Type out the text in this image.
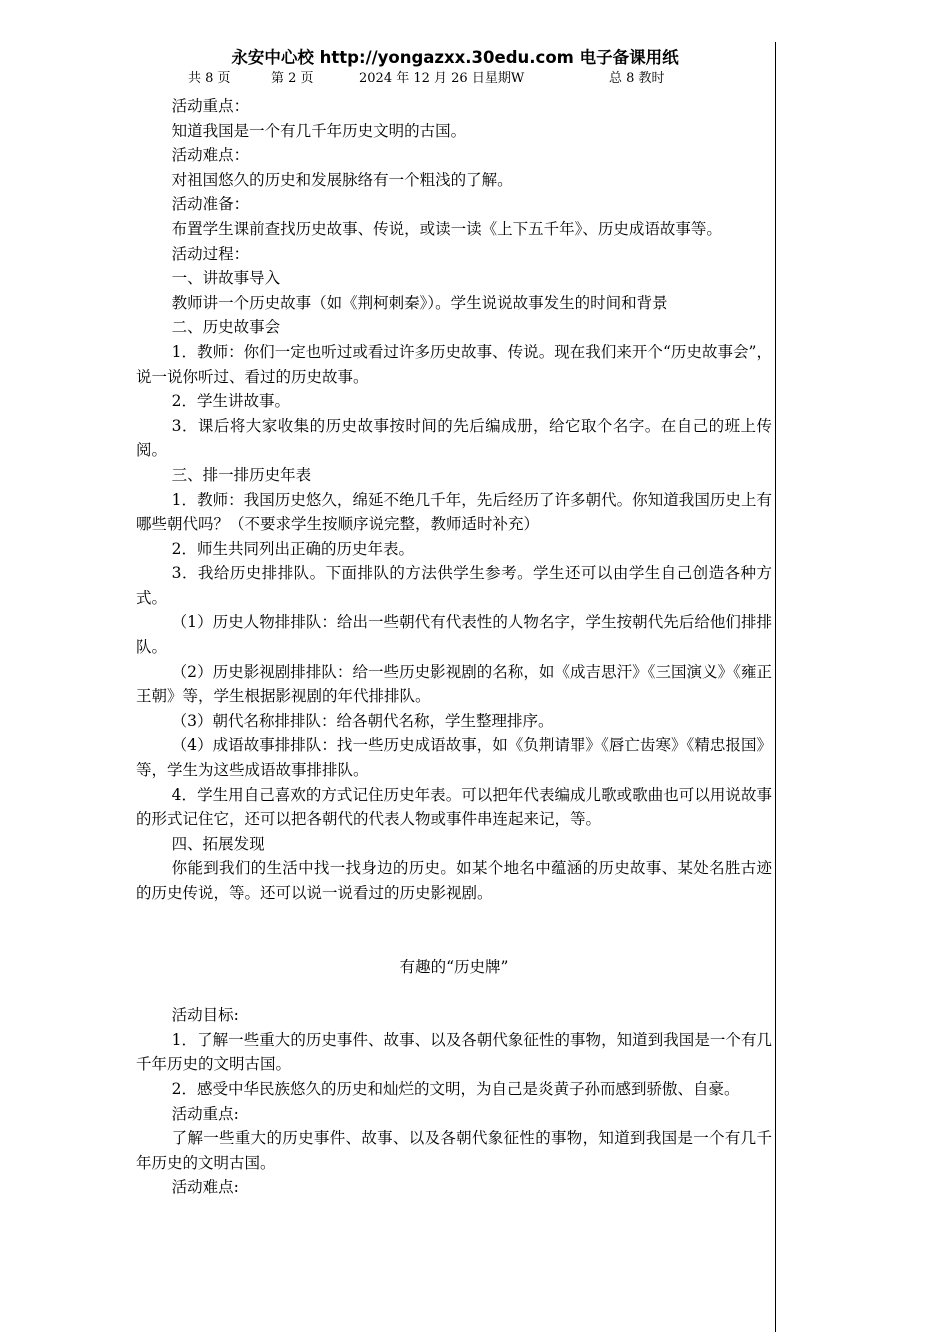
永安中心校 http://yongazxx.30edu.com 电子备课用纸
共 8 页	第 2 页	2024 年 12 月 26 日星期W	总 8 教时

活动重点：

知道我国是一个有几千年历史文明的古国。

活动难点：

对祖国悠久的历史和发展脉络有一个粗浅的了解。

活动准备：

布置学生课前查找历史故事、传说，或读一读《上下五千年》、历史成语故事等。

活动过程：

一、讲故事导入

教师讲一个历史故事（如《荆柯刺秦》）。学生说说故事发生的时间和背景

二、历史故事会

1．教师：你们一定也听过或看过许多历史故事、传说。现在我们来开个“历史故事会”，说一说你听过、看过的历史故事。

2．学生讲故事。

3．课后将大家收集的历史故事按时间的先后编成册，给它取个名字。在自己的班上传阅。

三、排一排历史年表

1．教师：我国历史悠久，绵延不绝几千年，先后经历了许多朝代。你知道我国历史上有哪些朝代吗？（不要求学生按顺序说完整，教师适时补充）

2．师生共同列出正确的历史年表。

3．我给历史排排队。下面排队的方法供学生参考。学生还可以由学生自己创造各种方式。

（1）历史人物排排队：给出一些朝代有代表性的人物名字，学生按朝代先后给他们排排队。

（2）历史影视剧排排队：给一些历史影视剧的名称，如《成吉思汗》《三国演义》《雍正王朝》等，学生根据影视剧的年代排排队。

（3）朝代名称排排队：给各朝代名称，学生整理排序。

（4）成语故事排排队：找一些历史成语故事，如《负荆请罪》《唇亡齿寒》《精忠报国》等，学生为这些成语故事排排队。

4．学生用自己喜欢的方式记住历史年表。可以把年代表编成儿歌或歌曲也可以用说故事的形式记住它，还可以把各朝代的代表人物或事件串连起来记，等。

四、拓展发现

你能到我们的生活中找一找身边的历史。如某个地名中蕴涵的历史故事、某处名胜古迹的历史传说，等。还可以说一说看过的历史影视剧。

有趣的“历史牌”

活动目标:

1．了解一些重大的历史事件、故事、以及各朝代象征性的事物，知道到我国是一个有几千年历史的文明古国。

2．感受中华民族悠久的历史和灿烂的文明，为自己是炎黄子孙而感到骄傲、自豪。

活动重点:

了解一些重大的历史事件、故事、以及各朝代象征性的事物，知道到我国是一个有几千年历史的文明古国。

活动难点:
